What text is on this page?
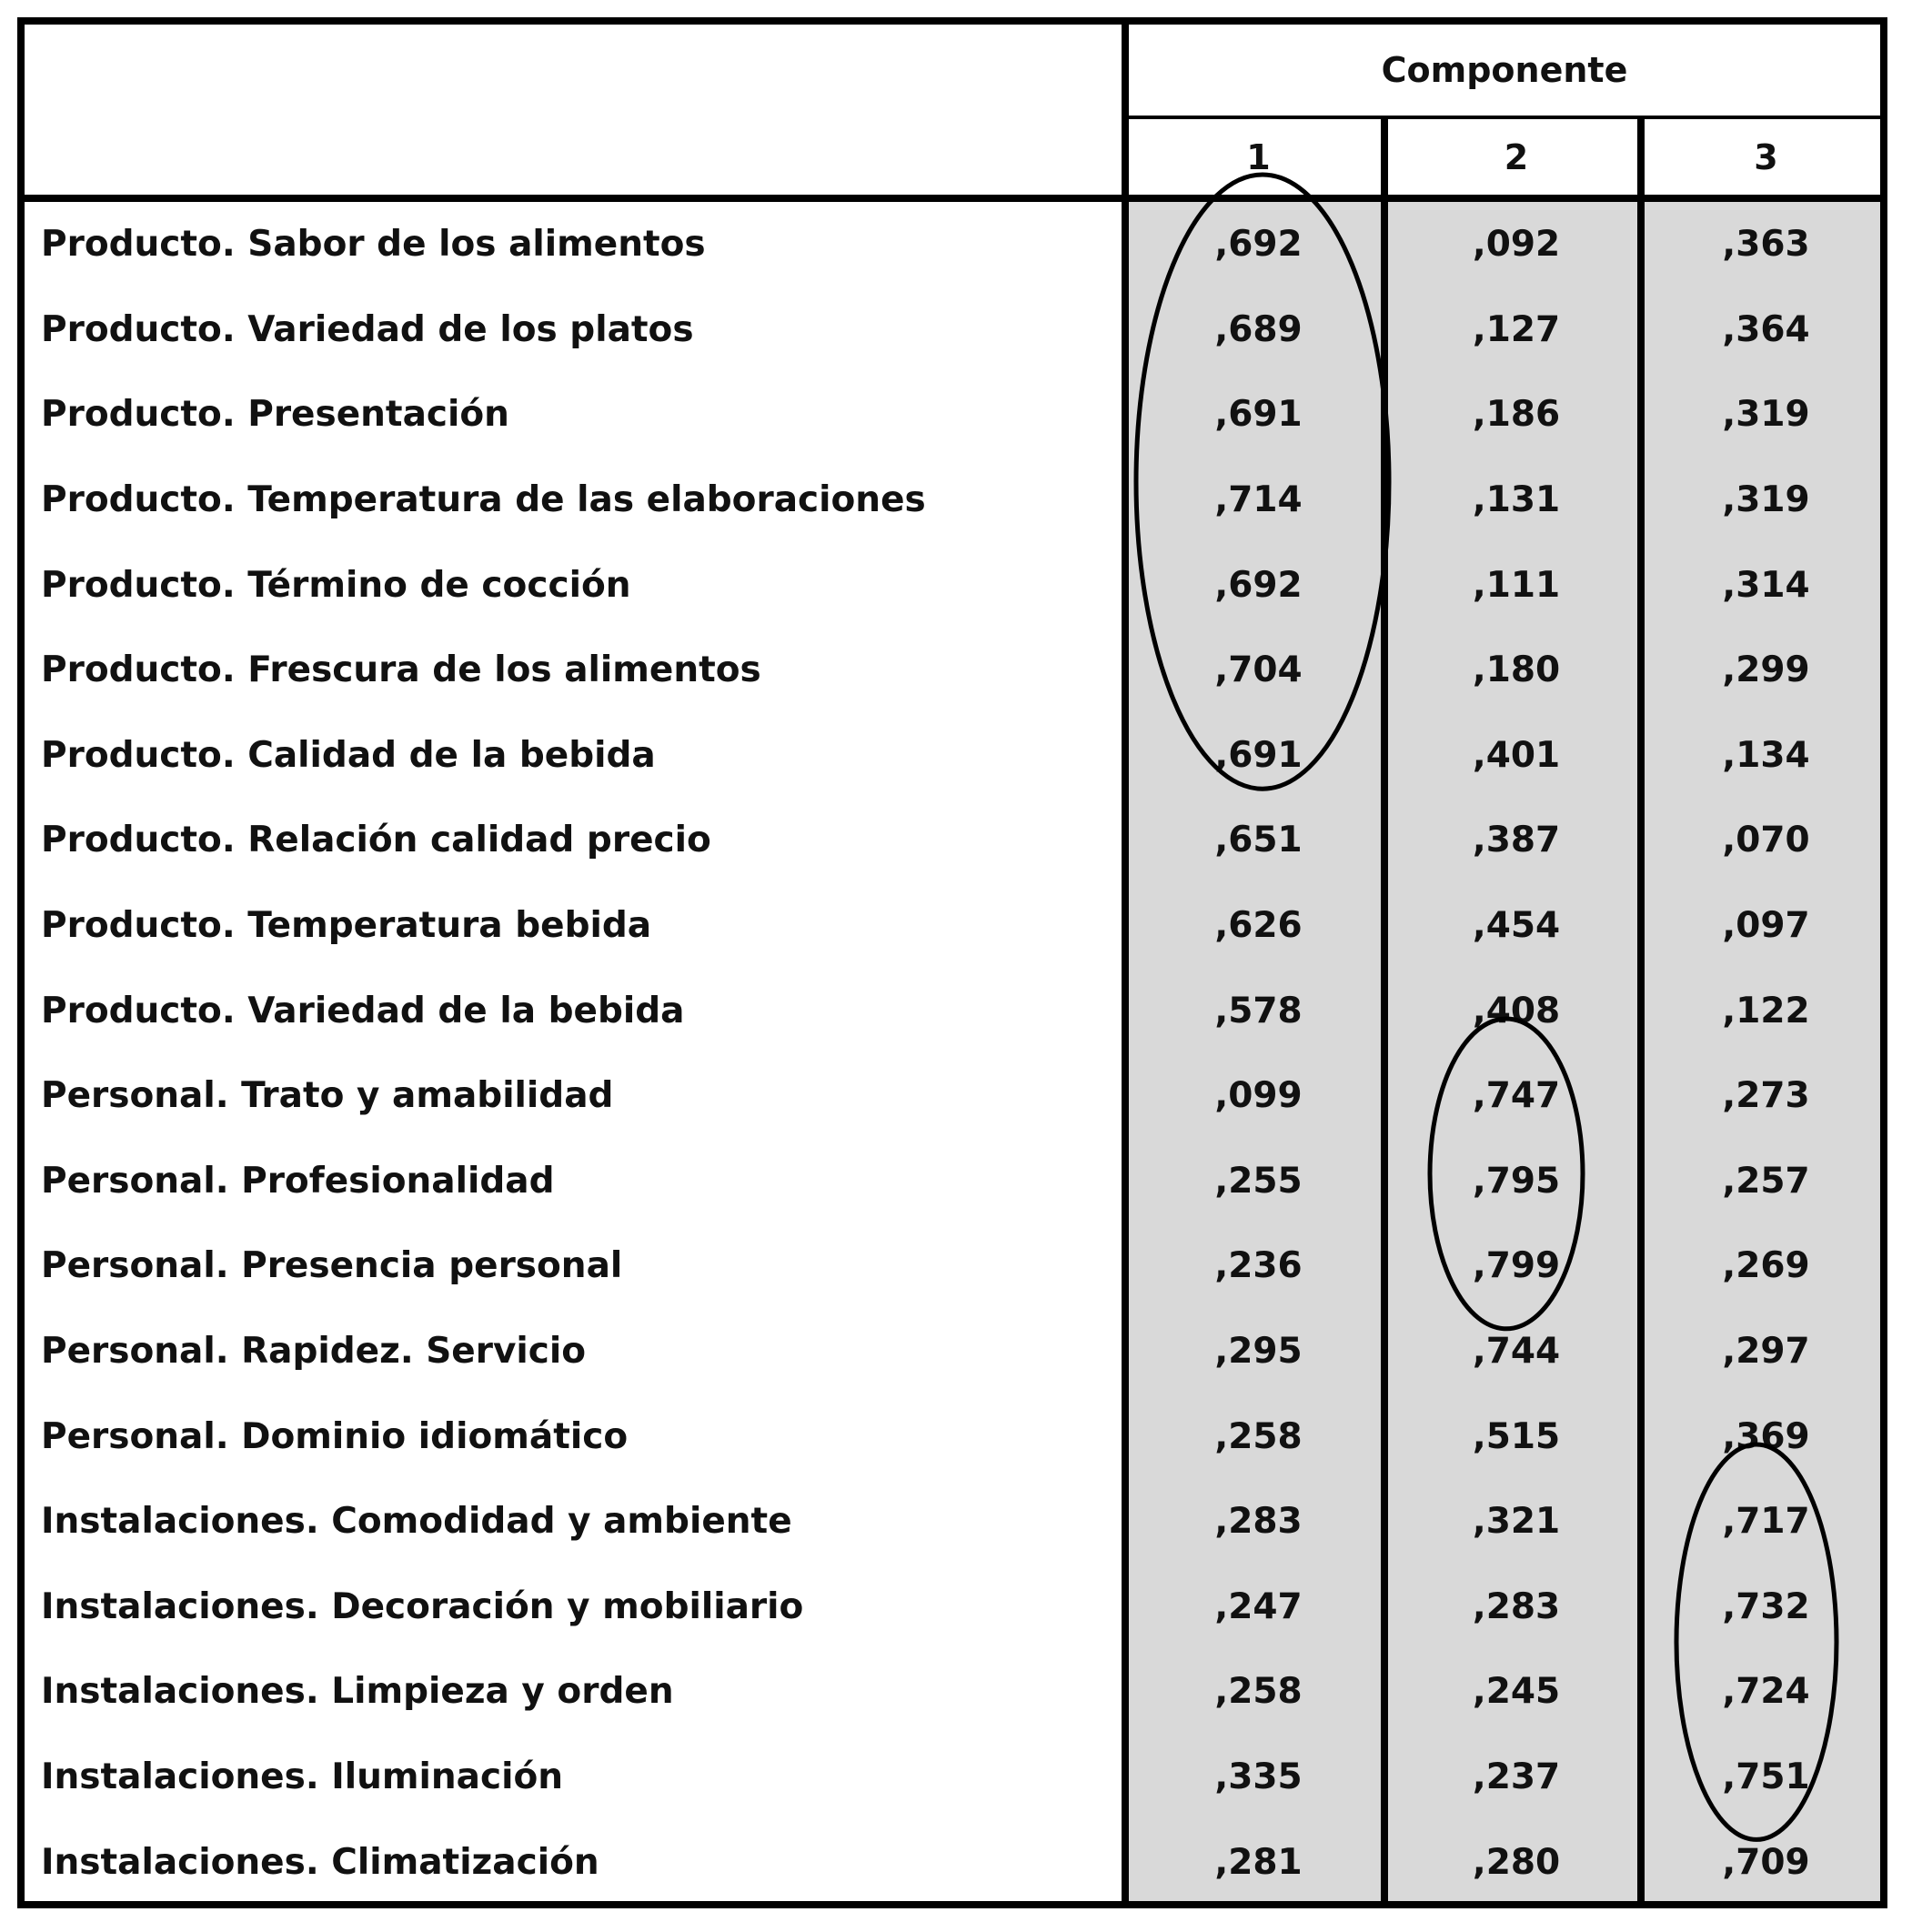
Componente
1	2	3
Producto. Sabor de los alimentos	,692	,092	,363
Producto. Variedad de los platos	,689	,127	,364
Producto. Presentación	,691	,186	,319
Producto. Temperatura de las elaboraciones	,714	,131	,319
Producto. Término de cocción	,692	,111	,314
Producto. Frescura de los alimentos	,704	,180	,299
Producto. Calidad de la bebida	,691	,401	,134
Producto. Relación calidad precio	,651	,387	,070
Producto. Temperatura bebida	,626	,454	,097
Producto. Variedad de la bebida	,578	,408	,122
Personal. Trato y amabilidad	,099	,747	,273
Personal. Profesionalidad	,255	,795	,257
Personal. Presencia personal	,236	,799	,269
Personal. Rapidez. Servicio	,295	,744	,297
Personal. Dominio idiomático	,258	,515	,369
Instalaciones. Comodidad y ambiente	,283	,321	,717
Instalaciones. Decoración y mobiliario	,247	,283	,732
Instalaciones. Limpieza y orden	,258	,245	,724
Instalaciones. Iluminación	,335	,237	,751
Instalaciones. Climatización	,281	,280	,709
